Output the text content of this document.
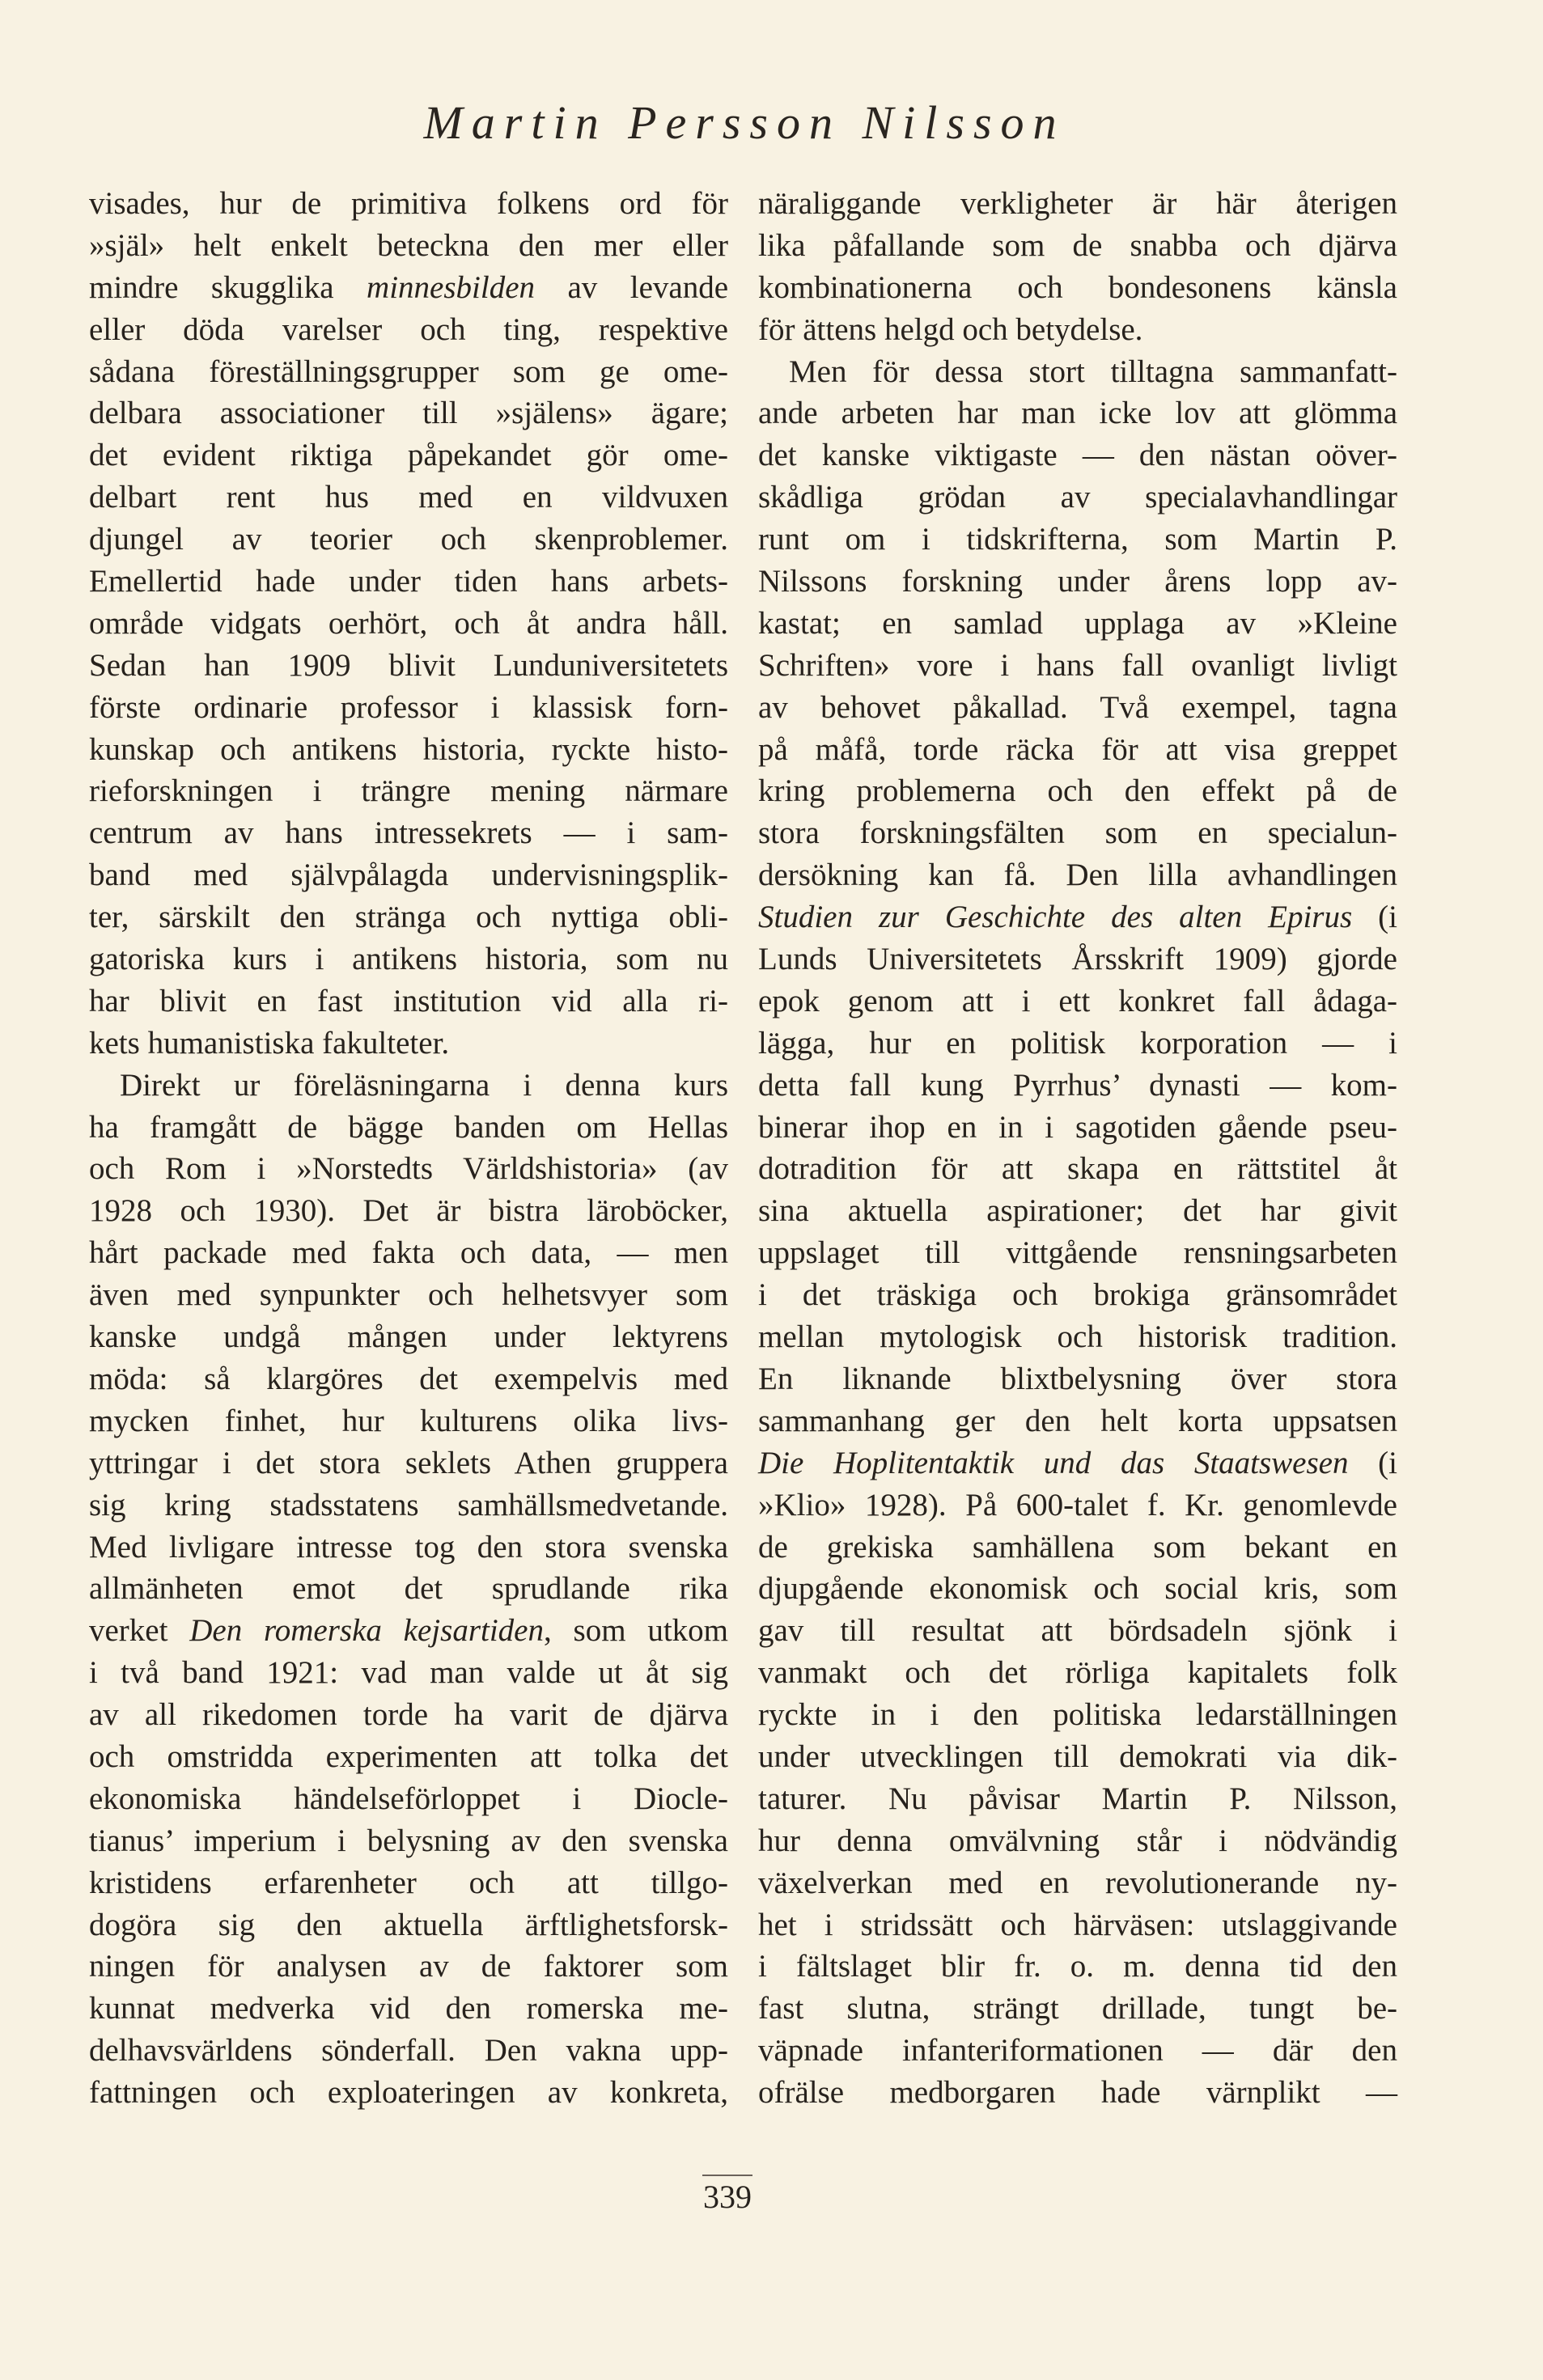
Martin Persson Nilsson
visades, hur de primitiva folkens ord för
»själ» helt enkelt beteckna den mer eller
mindre skugglika minnesbilden av levande
eller döda varelser och ting, respektive
sådana föreställningsgrupper som ge ome-
delbara associationer till »själens» ägare;
det evident riktiga påpekandet gör ome-
delbart rent hus med en vildvuxen
djungel av teorier och skenproblemer.
Emellertid hade under tiden hans arbets-
område vidgats oerhört, och åt andra håll.
Sedan han 1909 blivit Lunduniversitetets
förste ordinarie professor i klassisk forn-
kunskap och antikens historia, ryckte histo-
rieforskningen i trängre mening närmare
centrum av hans intressekrets — i sam-
band med självpålagda undervisningsplik-
ter, särskilt den stränga och nyttiga obli-
gatoriska kurs i antikens historia, som nu
har blivit en fast institution vid alla ri-
kets humanistiska fakulteter.
Direkt ur föreläsningarna i denna kurs
ha framgått de bägge banden om Hellas
och Rom i »Norstedts Världshistoria» (av
1928 och 1930). Det är bistra läroböcker,
hårt packade med fakta och data, — men
även med synpunkter och helhetsvyer som
kanske undgå mången under lektyrens
möda: så klargöres det exempelvis med
mycken finhet, hur kulturens olika livs-
yttringar i det stora seklets Athen gruppera
sig kring stadsstatens samhällsmedvetande.
Med livligare intresse tog den stora svenska
allmänheten emot det sprudlande rika
verket Den romerska kejsartiden, som utkom
i två band 1921: vad man valde ut åt sig
av all rikedomen torde ha varit de djärva
och omstridda experimenten att tolka det
ekonomiska händelseförloppet i Diocle-
tianus’ imperium i belysning av den svenska
kristidens erfarenheter och att tillgo-
dogöra sig den aktuella ärftlighetsforsk-
ningen för analysen av de faktorer som
kunnat medverka vid den romerska me-
delhavsvärldens sönderfall. Den vakna upp-
fattningen och exploateringen av konkreta,
näraliggande verkligheter är här återigen
lika påfallande som de snabba och djärva
kombinationerna och bondesonens känsla
för ättens helgd och betydelse.
Men för dessa stort tilltagna sammanfatt-
ande arbeten har man icke lov att glömma
det kanske viktigaste — den nästan oöver-
skådliga grödan av specialavhandlingar
runt om i tidskrifterna, som Martin P.
Nilssons forskning under årens lopp av-
kastat; en samlad upplaga av »Kleine
Schriften» vore i hans fall ovanligt livligt
av behovet påkallad. Två exempel, tagna
på måfå, torde räcka för att visa greppet
kring problemerna och den effekt på de
stora forskningsfälten som en specialun-
dersökning kan få. Den lilla avhandlingen
Studien zur Geschichte des alten Epirus (i
Lunds Universitetets Årsskrift 1909) gjorde
epok genom att i ett konkret fall ådaga-
lägga, hur en politisk korporation — i
detta fall kung Pyrrhus’ dynasti — kom-
binerar ihop en in i sagotiden gående pseu-
dotradition för att skapa en rättstitel åt
sina aktuella aspirationer; det har givit
uppslaget till vittgående rensningsarbeten
i det träskiga och brokiga gränsområdet
mellan mytologisk och historisk tradition.
En liknande blixtbelysning över stora
sammanhang ger den helt korta uppsatsen
Die Hoplitentaktik und das Staatswesen (i
»Klio» 1928). På 600-talet f. Kr. genomlevde
de grekiska samhällena som bekant en
djupgående ekonomisk och social kris, som
gav till resultat att bördsadeln sjönk i
vanmakt och det rörliga kapitalets folk
ryckte in i den politiska ledarställningen
under utvecklingen till demokrati via dik-
taturer. Nu påvisar Martin P. Nilsson,
hur denna omvälvning står i nödvändig
växelverkan med en revolutionerande ny-
het i stridssätt och härväsen: utslaggivande
i fältslaget blir fr. o. m. denna tid den
fast slutna, strängt drillade, tungt be-
väpnade infanteriformationen — där den
ofrälse medborgaren hade värnplikt —
339
